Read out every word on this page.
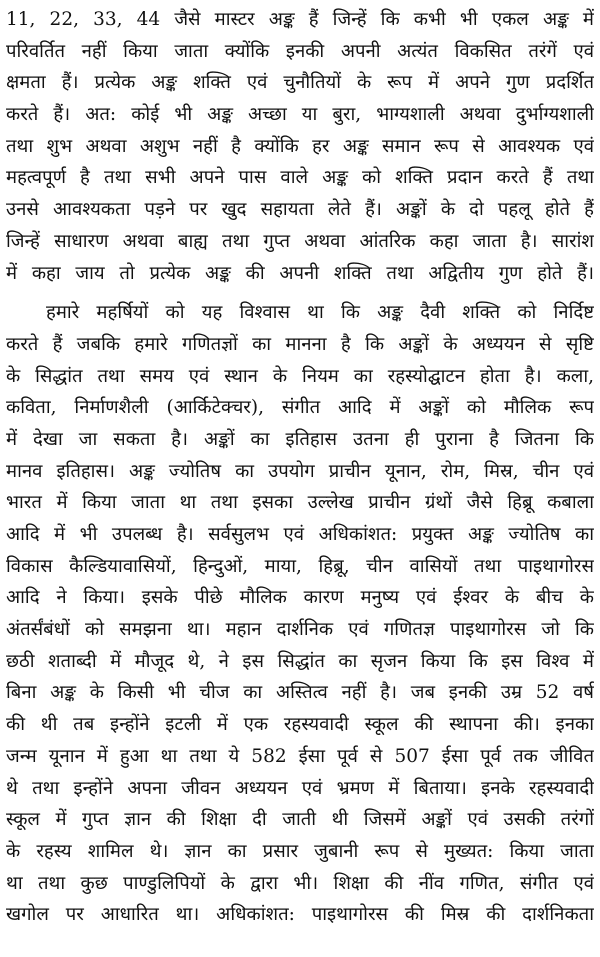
11, 22, 33, 44 जैसे मास्टर अङ्क हैं जिन्हें कि कभी भी एकल अङ्क में
परिवर्तित नहीं किया जाता क्योंकि इनकी अपनी अत्यंत विकसित तरंगें एवं
क्षमता हैं। प्रत्येक अङ्क शक्ति एवं चुनौतियों के रूप में अपने गुण प्रदर्शित
करते हैं। अत: कोई भी अङ्क अच्छा या बुरा, भाग्यशाली अथवा दुर्भाग्यशाली
तथा शुभ अथवा अशुभ नहीं है क्योंकि हर अङ्क समान रूप से आवश्यक एवं
महत्वपूर्ण है तथा सभी अपने पास वाले अङ्क को शक्ति प्रदान करते हैं तथा
उनसे आवश्यकता पड़ने पर खुद सहायता लेते हैं। अङ्कों के दो पहलू होते हैं
जिन्हें साधारण अथवा बाह्य तथा गुप्त अथवा आंतरिक कहा जाता है। सारांश
में कहा जाय तो प्रत्येक अङ्क की अपनी शक्ति तथा अद्वितीय गुण होते हैं।
हमारे महर्षियों को यह विश्वास था कि अङ्क दैवी शक्ति को निर्दिष्ट
करते हैं जबकि हमारे गणितज्ञों का मानना है कि अङ्कों के अध्ययन से सृष्टि
के सिद्धांत तथा समय एवं स्थान के नियम का रहस्योद्घाटन होता है। कला,
कविता, निर्माणशैली (आर्किटेक्चर), संगीत आदि में अङ्कों को मौलिक रूप
में देखा जा सकता है। अङ्कों का इतिहास उतना ही पुराना है जितना कि
मानव इतिहास। अङ्क ज्योतिष का उपयोग प्राचीन यूनान, रोम, मिस्र, चीन एवं
भारत में किया जाता था तथा इसका उल्लेख प्राचीन ग्रंथों जैसे हिब्रू कबाला
आदि में भी उपलब्ध है। सर्वसुलभ एवं अधिकांशत: प्रयुक्त अङ्क ज्योतिष का
विकास कैल्डियावासियों, हिन्दुओं, माया, हिब्रू, चीन वासियों तथा पाइथागोरस
आदि ने किया। इसके पीछे मौलिक कारण मनुष्य एवं ईश्वर के बीच के
अंतर्संबंधों को समझना था। महान दार्शनिक एवं गणितज्ञ पाइथागोरस जो कि
छठी शताब्दी में मौजूद थे, ने इस सिद्धांत का सृजन किया कि इस विश्व में
बिना अङ्क के किसी भी चीज का अस्तित्व नहीं है। जब इनकी उम्र 52 वर्ष
की थी तब इन्होंने इटली में एक रहस्यवादी स्कूल की स्थापना की। इनका
जन्म यूनान में हुआ था तथा ये 582 ईसा पूर्व से 507 ईसा पूर्व तक जीवित
थे तथा इन्होंने अपना जीवन अध्ययन एवं भ्रमण में बिताया। इनके रहस्यवादी
स्कूल में गुप्त ज्ञान की शिक्षा दी जाती थी जिसमें अङ्कों एवं उसकी तरंगों
के रहस्य शामिल थे। ज्ञान का प्रसार जुबानी रूप से मुख्यत: किया जाता
था तथा कुछ पाण्डुलिपियों के द्वारा भी। शिक्षा की नींव गणित, संगीत एवं
खगोल पर आधारित था। अधिकांशत: पाइथागोरस की मिस्र की दार्शनिकता
